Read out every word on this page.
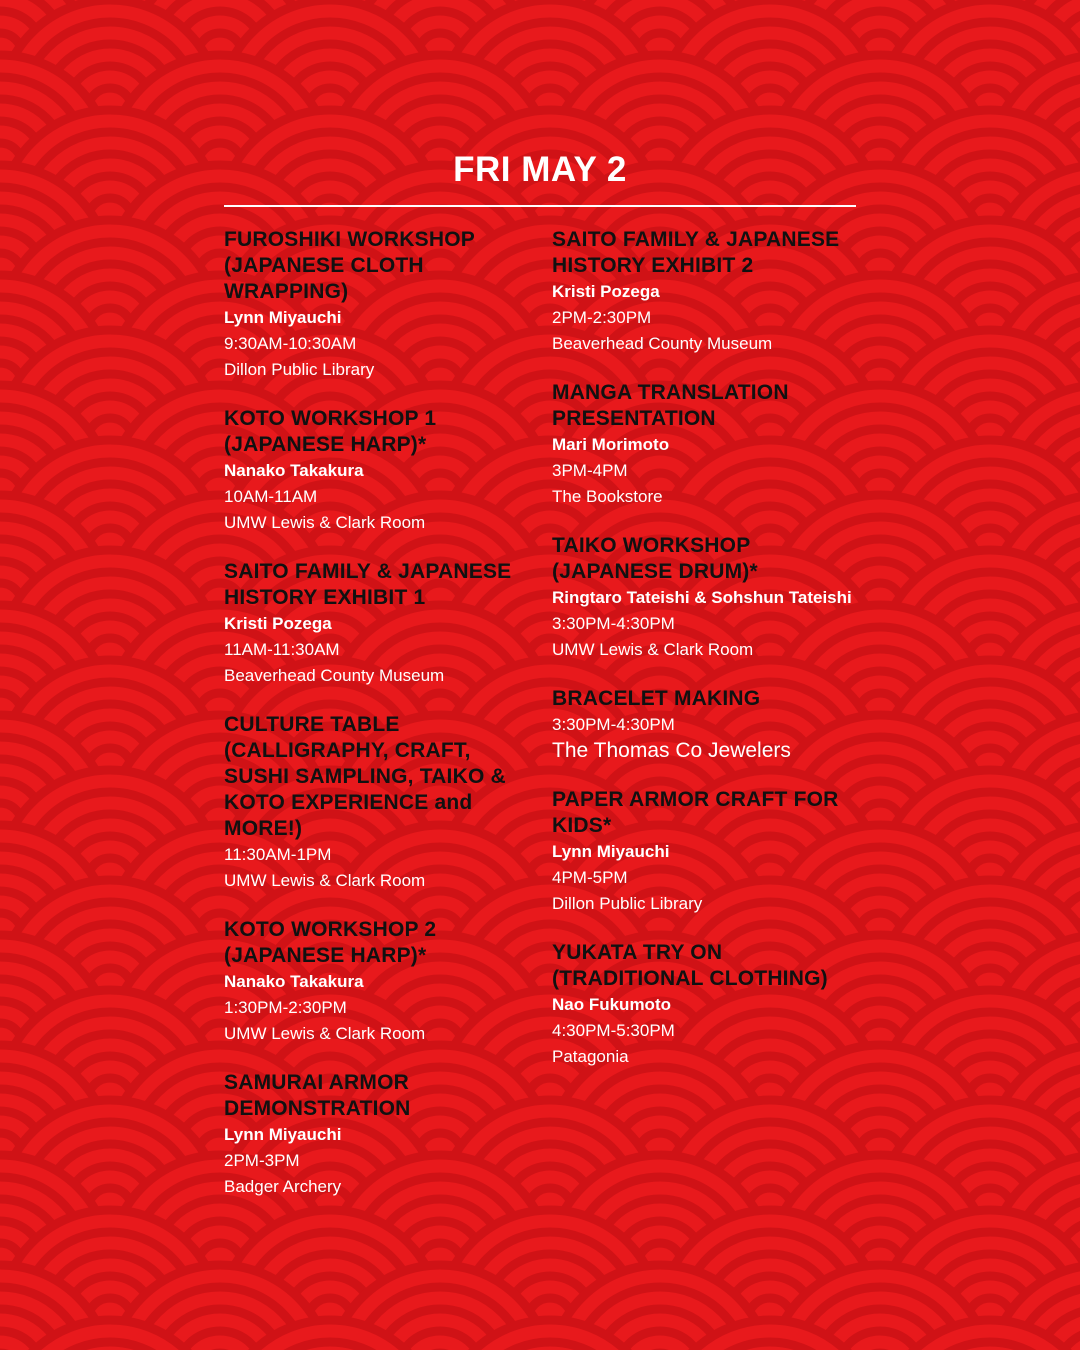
FRI MAY 2
FUROSHIKI WORKSHOP (JAPANESE CLOTH WRAPPING)
Lynn Miyauchi
9:30AM-10:30AM
Dillon Public Library
KOTO WORKSHOP 1 (JAPANESE HARP)*
Nanako Takakura
10AM-11AM
UMW Lewis & Clark Room
SAITO FAMILY & JAPANESE HISTORY EXHIBIT 1
Kristi Pozega
11AM-11:30AM
Beaverhead County Museum
CULTURE TABLE (CALLIGRAPHY, CRAFT, SUSHI SAMPLING, TAIKO & KOTO EXPERIENCE and MORE!)
11:30AM-1PM
UMW Lewis & Clark Room
KOTO WORKSHOP 2 (JAPANESE HARP)*
Nanako Takakura
1:30PM-2:30PM
UMW Lewis & Clark Room
SAMURAI ARMOR DEMONSTRATION
Lynn Miyauchi
2PM-3PM
Badger Archery
SAITO FAMILY & JAPANESE HISTORY EXHIBIT 2
Kristi Pozega
2PM-2:30PM
Beaverhead County Museum
MANGA TRANSLATION PRESENTATION
Mari Morimoto
3PM-4PM
The Bookstore
TAIKO WORKSHOP (JAPANESE DRUM)*
Ringtaro Tateishi & Sohshun Tateishi
3:30PM-4:30PM
UMW Lewis & Clark Room
BRACELET MAKING
3:30PM-4:30PM
The Thomas Co Jewelers
PAPER ARMOR CRAFT FOR KIDS*
Lynn Miyauchi
4PM-5PM
Dillon Public Library
YUKATA TRY ON (TRADITIONAL CLOTHING)
Nao Fukumoto
4:30PM-5:30PM
Patagonia
